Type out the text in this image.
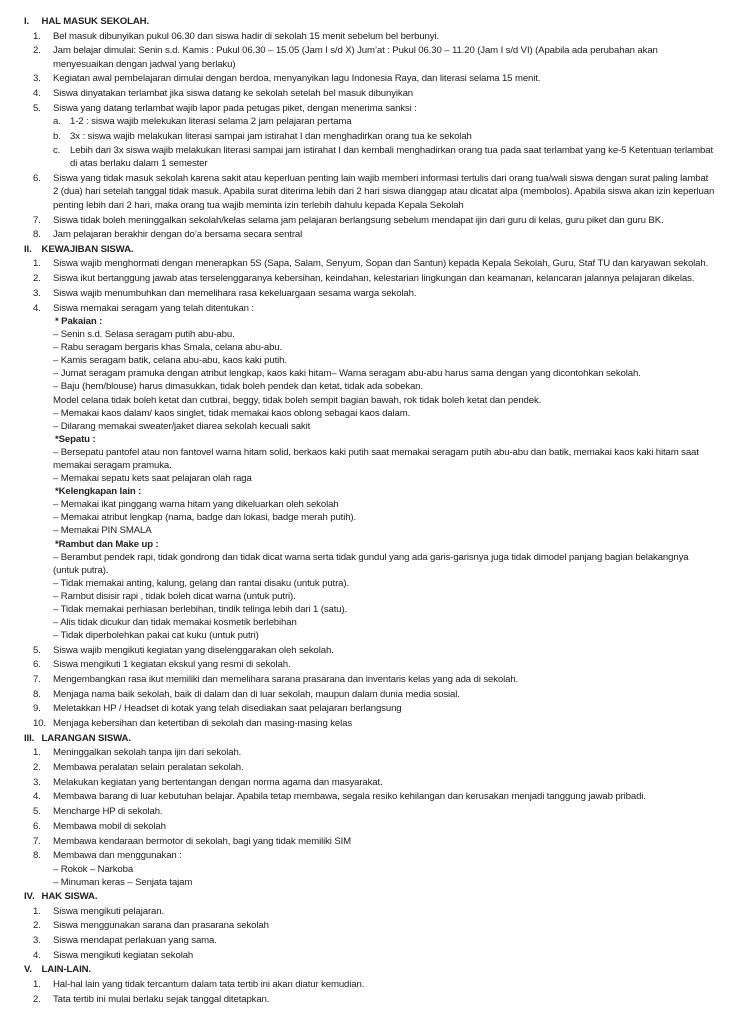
I. HAL MASUK SEKOLAH.
1. Bel masuk dibunyikan pukul 06.30 dan siswa hadir di sekolah 15 menit sebelum bel berbunyi.
2. Jam belajar dimulai: Senin s.d. Kamis : Pukul 06.30 – 15.05 (Jam I s/d X) Jum’at : Pukul 06.30 – 11.20 (Jam I s/d VI) (Apabila ada perubahan akan menyesuaikan dengan jadwal yang berlaku)
3. Kegiatan awal pembelajaran dimulai dengan berdoa, menyanyikan lagu Indonesia Raya, dan literasi selama 15 menit.
4. Siswa dinyatakan terlambat jika siswa datang ke sekolah setelah bel masuk dibunyikan
5. Siswa yang datang terlambat wajib lapor pada petugas piket, dengan menerima sanksi :
a. 1-2 : siswa wajib melekukan literasi selama 2 jam pelajaran pertama
b. 3x : siswa wajib melakukan literasi sampai jam istirahat I dan menghadirkan orang tua ke sekolah
c. Lebih dari 3x siswa wajib melakukan literasi sampai jam istirahat I dan kembali menghadirkan orang tua pada saat terlambat yang ke-5 Ketentuan terlambat di atas berlaku dalam 1 semester
6. Siswa yang tidak masuk sekolah karena sakit atau keperluan penting lain wajib memberi informasi tertulis dari orang tua/wali siswa dengan surat paling lambat 2 (dua) hari setelah tanggal tidak masuk. Apabila surat diterima lebih dari 2 hari siswa dianggap atau dicatat alpa (membolos). Apabila siswa akan izin keperluan penting lebih dari 2 hari, maka orang tua wajib meminta izin terlebih dahulu kepada Kepala Sekolah
7. Siswa tidak boleh meninggalkan sekolah/kelas selama jam pelajaran berlangsung sebelum mendapat ijin dari guru di kelas, guru piket dan guru BK.
8. Jam pelajaran berakhir dengan do’a bersama secara sentral
II. KEWAJIBAN SISWA.
1. Siswa wajib menghormati dengan menerapkan 5S (Sapa, Salam, Senyum, Sopan dan Santun) kepada Kepala Sekolah, Guru, Staf TU dan karyawan sekolah.
2. Siswa ikut bertanggung jawab atas terselenggaranya kebersihan, keindahan, kelestarian lingkungan dan keamanan, kelancaran jalannya pelajaran dikelas.
3. Siswa wajib menumbuhkan dan memelihara rasa kekeluargaan sesama warga sekolah.
4. Siswa memakai seragam yang telah ditentukan :
* Pakaian :
– Senin s.d. Selasa seragam putih abu-abu.
– Rabu seragam bergaris khas Smala, celana abu-abu.
– Kamis seragam batik, celana abu-abu, kaos kaki putih.
– Jumat seragam pramuka dengan atribut lengkap, kaos kaki hitam– Warna seragam abu-abu harus sama dengan yang dicontohkan sekolah.
– Baju (hem/blouse) harus dimasukkan, tidak boleh pendek dan ketat, tidak ada sobekan.
Model celana tidak boleh ketat dan cutbrai, beggy, tidak boleh sempit bagian bawah, rok tidak boleh ketat dan pendek.
– Memakai kaos dalam/ kaos singlet, tidak memakai kaos oblong sebagai kaos dalam.
– Dilarang memakai sweater/jaket diarea sekolah kecuali sakit
*Sepatu :
– Bersepatu pantofel atau non fantovel warna hitam solid, berkaos kaki putih saat memakai seragam putih abu-abu dan batik, memakai kaos kaki hitam saat memakai seragam pramuka.
– Memakai sepatu kets saat pelajaran olah raga
*Kelengkapan lain :
– Memakai ikat pinggang warna hitam yang dikeluarkan oleh sekolah
– Memakai atribut lengkap (nama, badge dan lokasi, badge merah putih).
– Memakai PIN SMALA
*Rambut dan Make up :
– Berambut pendek rapi, tidak gondrong dan tidak dicat warna serta tidak gundul yang ada garis-garisnya juga tidak dimodel panjang bagian belakangnya (untuk putra).
– Tidak memakai anting, kalung, gelang dan rantai disaku (untuk putra).
– Rambut disisir rapi , tidak boleh dicat warna (untuk putri).
– Tidak memakai perhiasan berlebihan, tindik telinga lebih dari 1 (satu).
– Alis tidak dicukur dan tidak memakai kosmetik berlebihan
– Tidak diperbolehkan pakai cat kuku (untuk putri)
5. Siswa wajib mengikuti kegiatan yang diselenggarakan oleh sekolah.
6. Siswa mengikuti 1 kegiatan ekskul yang resmi di sekolah.
7. Mengembangkan rasa ikut memiliki dan memelihara sarana prasarana dan inventaris kelas yang ada di sekolah.
8. Menjaga nama baik sekolah, baik di dalam dan di luar sekolah, maupun dalam dunia media sosial.
9. Meletakkan HP / Headset di kotak yang telah disediakan saat pelajaran berlangsung
10. Menjaga kebersihan dan ketertiban di sekolah dan masing-masing kelas
III. LARANGAN SISWA.
1. Meninggalkan sekolah tanpa ijin dari sekolah.
2. Membawa peralatan selain peralatan sekolah.
3. Melakukan kegiatan yang bertentangan dengan norma agama dan masyarakat.
4. Membawa barang di luar kebutuhan belajar. Apabila tetap membawa, segala resiko kehilangan dan kerusakan menjadi tanggung jawab pribadi.
5. Mencharge HP di sekolah.
6. Membawa mobil di sekolah
7. Membawa kendaraan bermotor di sekolah, bagi yang tidak memiliki SIM
8. Membawa dan menggunakan :
– Rokok – Narkoba
– Minuman keras – Senjata tajam
IV. HAK SISWA.
1. Siswa mengikuti pelajaran.
2. Siswa menggunakan sarana dan prasarana sekolah
3. Siswa mendapat perlakuan yang sama.
4. Siswa mengikuti kegiatan sekolah
V. LAIN-LAIN.
1. Hal-hal lain yang tidak tercantum dalam tata tertib ini akan diatur kemudian.
2. Tata tertib ini mulai berlaku sejak tanggal ditetapkan.
